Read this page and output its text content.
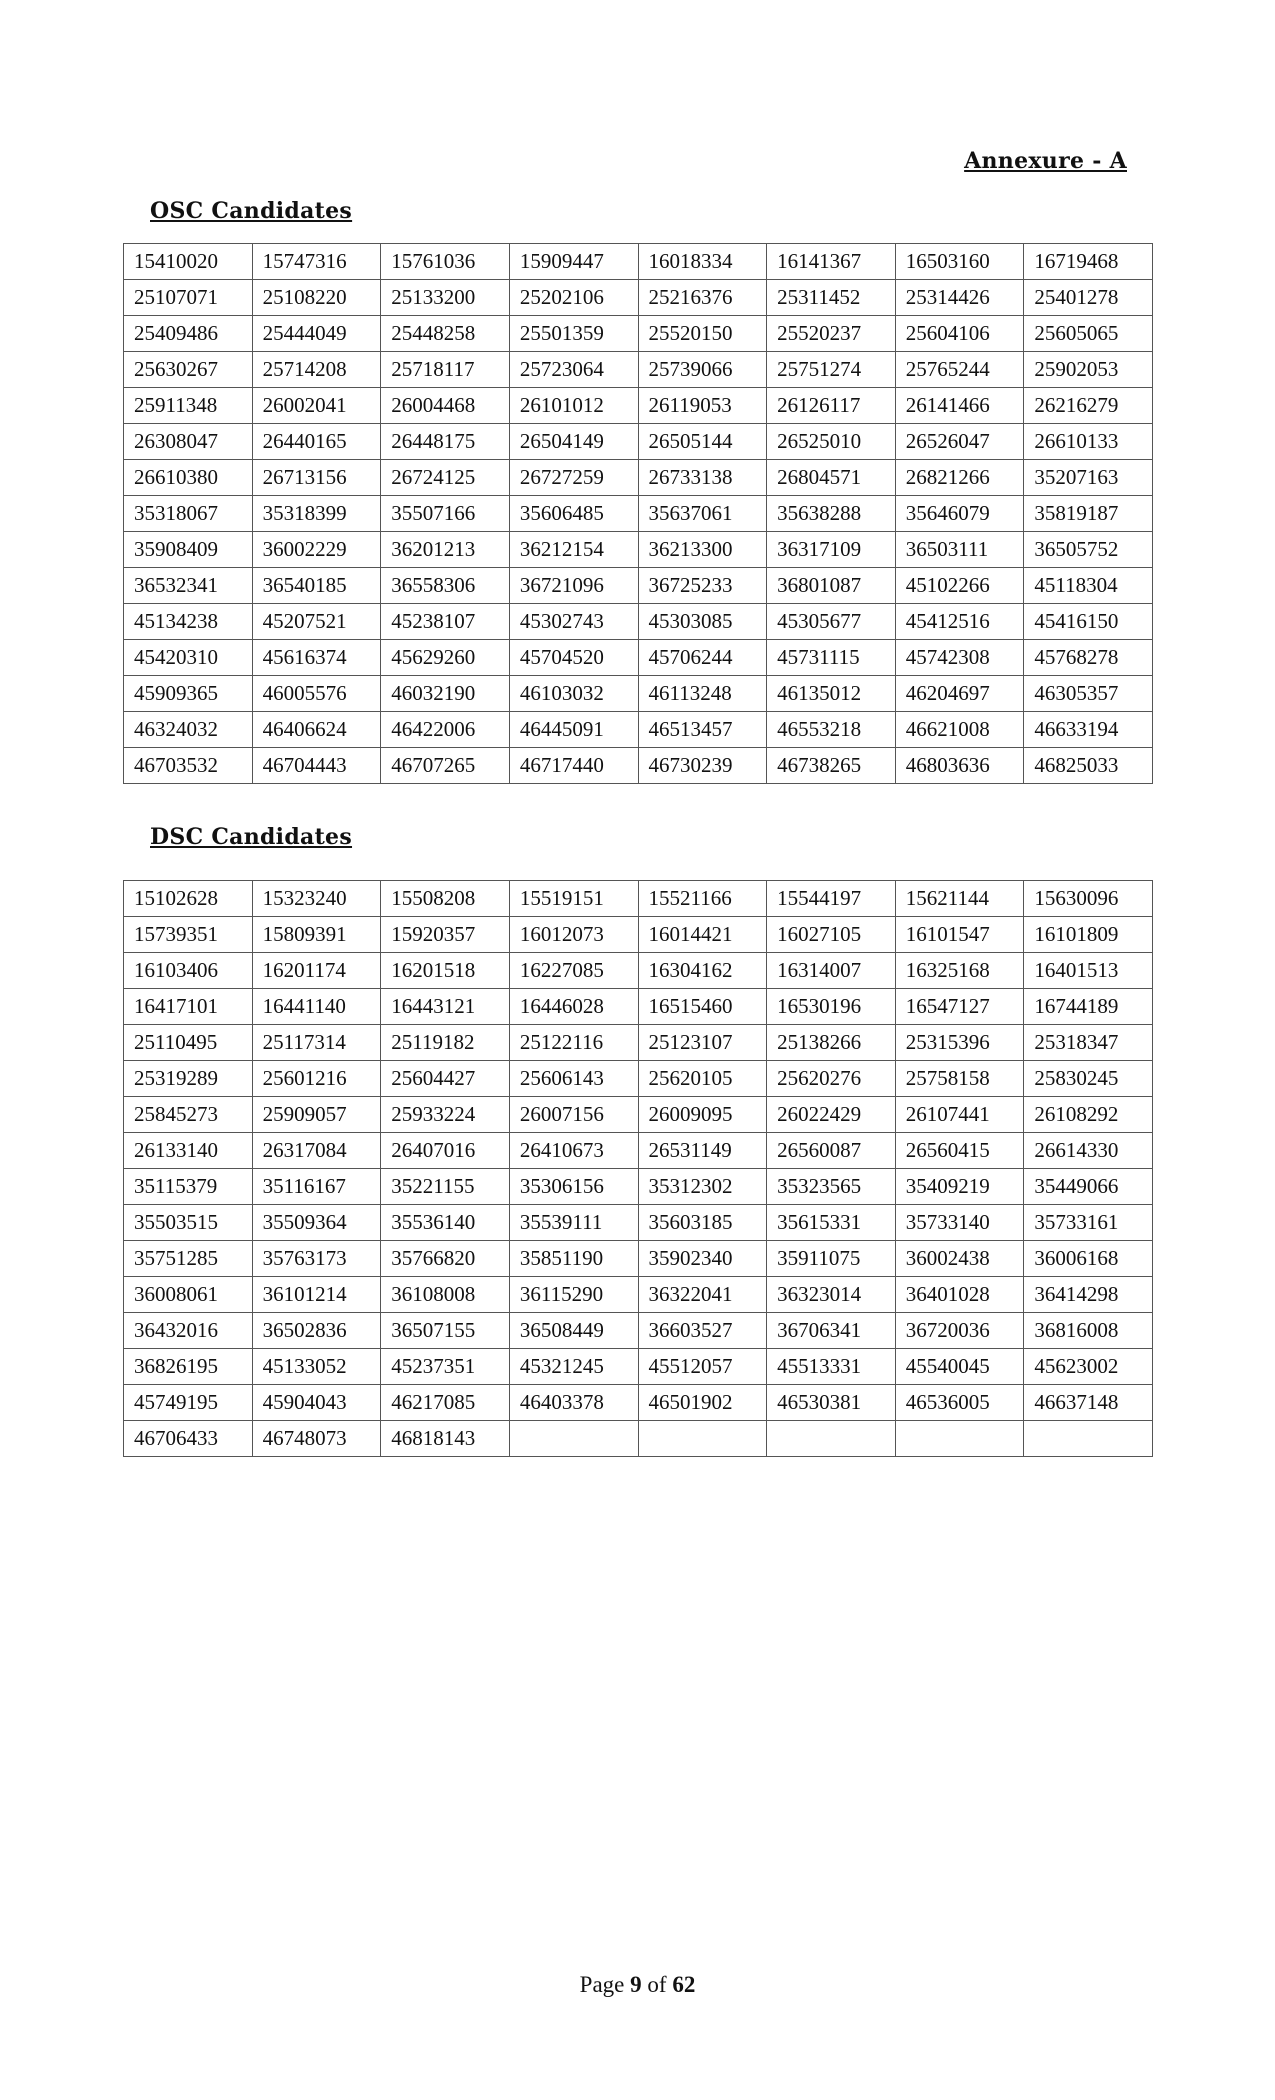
Annexure - A
OSC Candidates
15410020	15747316	15761036	15909447	16018334	16141367	16503160	16719468
25107071	25108220	25133200	25202106	25216376	25311452	25314426	25401278
25409486	25444049	25448258	25501359	25520150	25520237	25604106	25605065
25630267	25714208	25718117	25723064	25739066	25751274	25765244	25902053
25911348	26002041	26004468	26101012	26119053	26126117	26141466	26216279
26308047	26440165	26448175	26504149	26505144	26525010	26526047	26610133
26610380	26713156	26724125	26727259	26733138	26804571	26821266	35207163
35318067	35318399	35507166	35606485	35637061	35638288	35646079	35819187
35908409	36002229	36201213	36212154	36213300	36317109	36503111	36505752
36532341	36540185	36558306	36721096	36725233	36801087	45102266	45118304
45134238	45207521	45238107	45302743	45303085	45305677	45412516	45416150
45420310	45616374	45629260	45704520	45706244	45731115	45742308	45768278
45909365	46005576	46032190	46103032	46113248	46135012	46204697	46305357
46324032	46406624	46422006	46445091	46513457	46553218	46621008	46633194
46703532	46704443	46707265	46717440	46730239	46738265	46803636	46825033
DSC Candidates
15102628	15323240	15508208	15519151	15521166	15544197	15621144	15630096
15739351	15809391	15920357	16012073	16014421	16027105	16101547	16101809
16103406	16201174	16201518	16227085	16304162	16314007	16325168	16401513
16417101	16441140	16443121	16446028	16515460	16530196	16547127	16744189
25110495	25117314	25119182	25122116	25123107	25138266	25315396	25318347
25319289	25601216	25604427	25606143	25620105	25620276	25758158	25830245
25845273	25909057	25933224	26007156	26009095	26022429	26107441	26108292
26133140	26317084	26407016	26410673	26531149	26560087	26560415	26614330
35115379	35116167	35221155	35306156	35312302	35323565	35409219	35449066
35503515	35509364	35536140	35539111	35603185	35615331	35733140	35733161
35751285	35763173	35766820	35851190	35902340	35911075	36002438	36006168
36008061	36101214	36108008	36115290	36322041	36323014	36401028	36414298
36432016	36502836	36507155	36508449	36603527	36706341	36720036	36816008
36826195	45133052	45237351	45321245	45512057	45513331	45540045	45623002
45749195	45904043	46217085	46403378	46501902	46530381	46536005	46637148
46706433	46748073	46818143					
Page 9 of 62
